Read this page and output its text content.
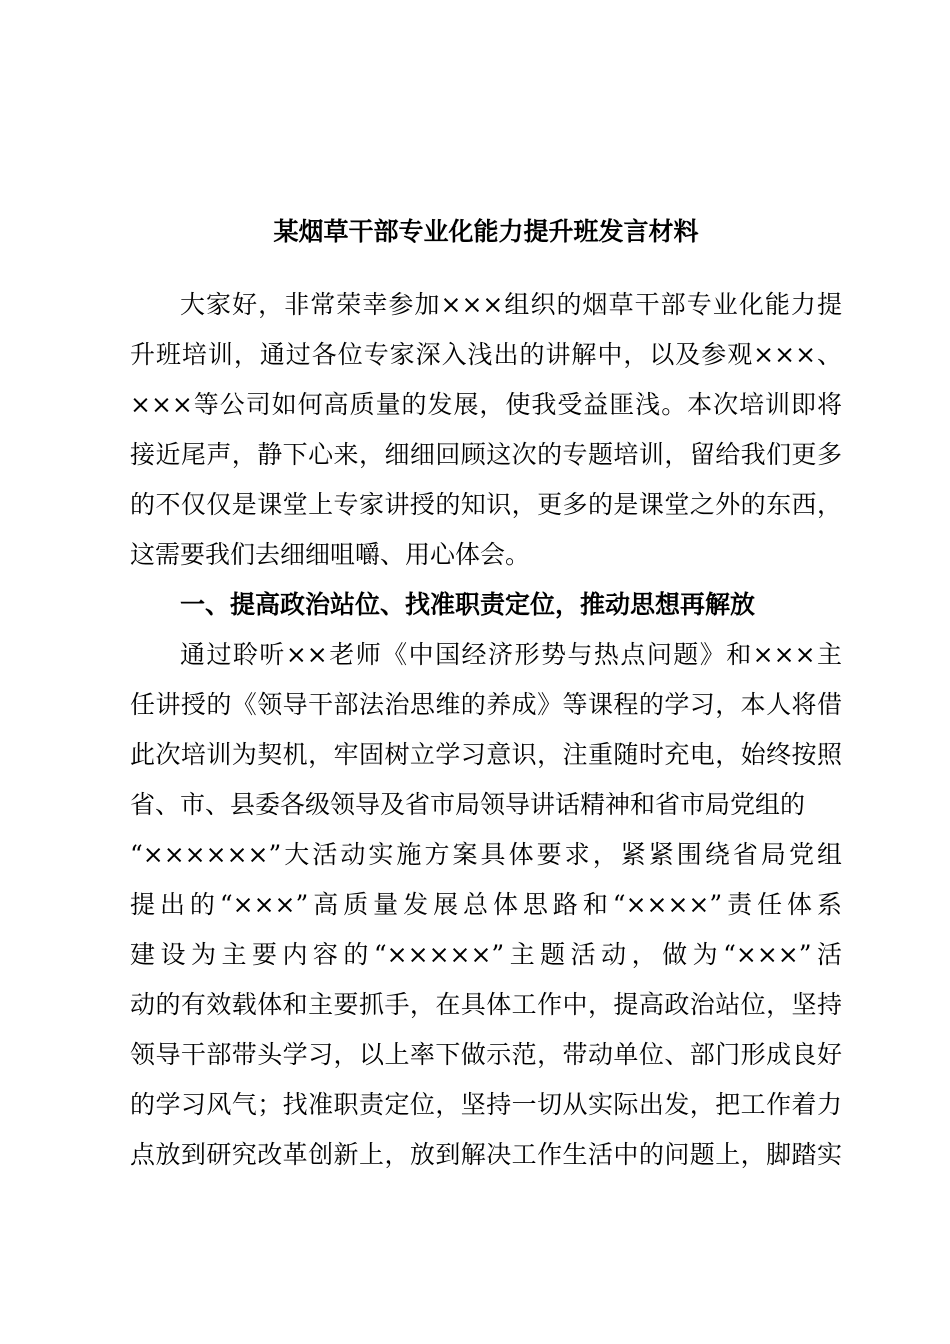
某烟草干部专业化能力提升班发言材料
大家好，非常荣幸参加×××组织的烟草干部专业化能力提
升班培训，通过各位专家深入浅出的讲解中，以及参观×××、
×××等公司如何高质量的发展，使我受益匪浅。本次培训即将
接近尾声，静下心来，细细回顾这次的专题培训，留给我们更多
的不仅仅是课堂上专家讲授的知识，更多的是课堂之外的东西，
这需要我们去细细咀嚼、用心体会。
一、提高政治站位、找准职责定位，推动思想再解放
通过聆听××老师《中国经济形势与热点问题》和×××主
任讲授的《领导干部法治思维的养成》等课程的学习，本人将借
此次培训为契机，牢固树立学习意识，注重随时充电，始终按照
省、市、县委各级领导及省市局领导讲话精神和省市局党组的
“××××××”大活动实施方案具体要求，紧紧围绕省局党组
提出的“×××”高质量发展总体思路和“××××”责任体系
建设为主要内容的“×××××”主题活动，做为“×××”活
动的有效载体和主要抓手，在具体工作中，提高政治站位，坚持
领导干部带头学习，以上率下做示范，带动单位、部门形成良好
的学习风气；找准职责定位，坚持一切从实际出发，把工作着力
点放到研究改革创新上，放到解决工作生活中的问题上，脚踏实
